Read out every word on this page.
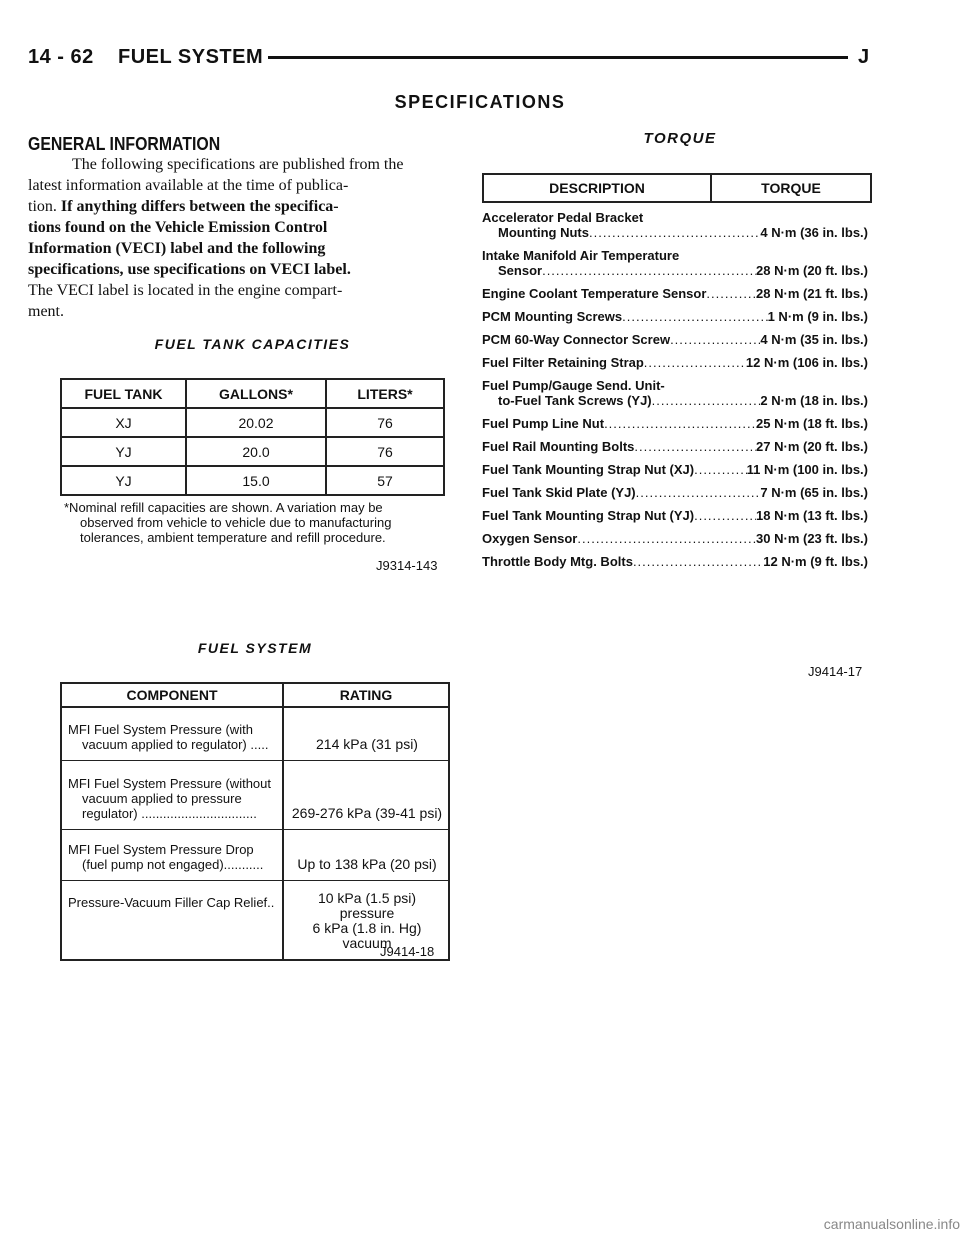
14 - 62    FUEL SYSTEM	J
SPECIFICATIONS
GENERAL INFORMATION
The following specifications are published from the
latest information available at the time of publica-
tion. If anything differs between the specifica-
tions found on the Vehicle Emission Control
Information (VECI) label and the following
specifications, use specifications on VECI label.
The VECI label is located in the engine compart-
ment.
FUEL TANK CAPACITIES
FUEL TANK	GALLONS*	LITERS*
XJ	20.02	76
YJ	20.0	76
YJ	15.0	57
*Nominal refill capacities are shown. A variation may be
observed from vehicle to vehicle due to manufacturing
tolerances, ambient temperature and refill procedure.
J9314-143
FUEL SYSTEM
COMPONENT	RATING
MFI Fuel System Pressure (with
vacuum applied to regulator) .....	214 kPa (31 psi)
MFI Fuel System Pressure (without
vacuum applied to pressure
regulator) ................................	269-276 kPa (39-41 psi)
MFI Fuel System Pressure Drop
(fuel pump not engaged)...........	Up to 138 kPa (20 psi)
Pressure-Vacuum Filler Cap Relief..	10 kPa (1.5 psi) pressure
6 kPa (1.8 in. Hg) vacuum
J9414-18
TORQUE
DESCRIPTION	TORQUE
Accelerator Pedal Bracket
Mounting Nuts .....	4 N·m (36 in. lbs.)
Intake Manifold Air Temperature
Sensor .....	28 N·m (20 ft. lbs.)
Engine Coolant Temperature Sensor .....	28 N·m (21 ft. lbs.)
PCM Mounting Screws .....	1 N·m (9 in. lbs.)
PCM 60-Way Connector Screw .....	4 N·m (35 in. lbs.)
Fuel Filter Retaining Strap .....	12 N·m (106 in. lbs.)
Fuel Pump/Gauge Send. Unit-
to-Fuel Tank Screws (YJ) .....	2 N·m (18 in. lbs.)
Fuel Pump Line Nut .....	25 N·m (18 ft. lbs.)
Fuel Rail Mounting Bolts .....	27 N·m (20 ft. lbs.)
Fuel Tank Mounting Strap Nut (XJ) .....	11 N·m (100 in. lbs.)
Fuel Tank Skid Plate (YJ) .....	7 N·m (65 in. lbs.)
Fuel Tank Mounting Strap Nut (YJ) .....	18 N·m (13 ft. lbs.)
Oxygen Sensor .....	30 N·m (23 ft. lbs.)
Throttle Body Mtg. Bolts .....	12 N·m (9 ft. lbs.)
J9414-17
carmanualsonline.info
